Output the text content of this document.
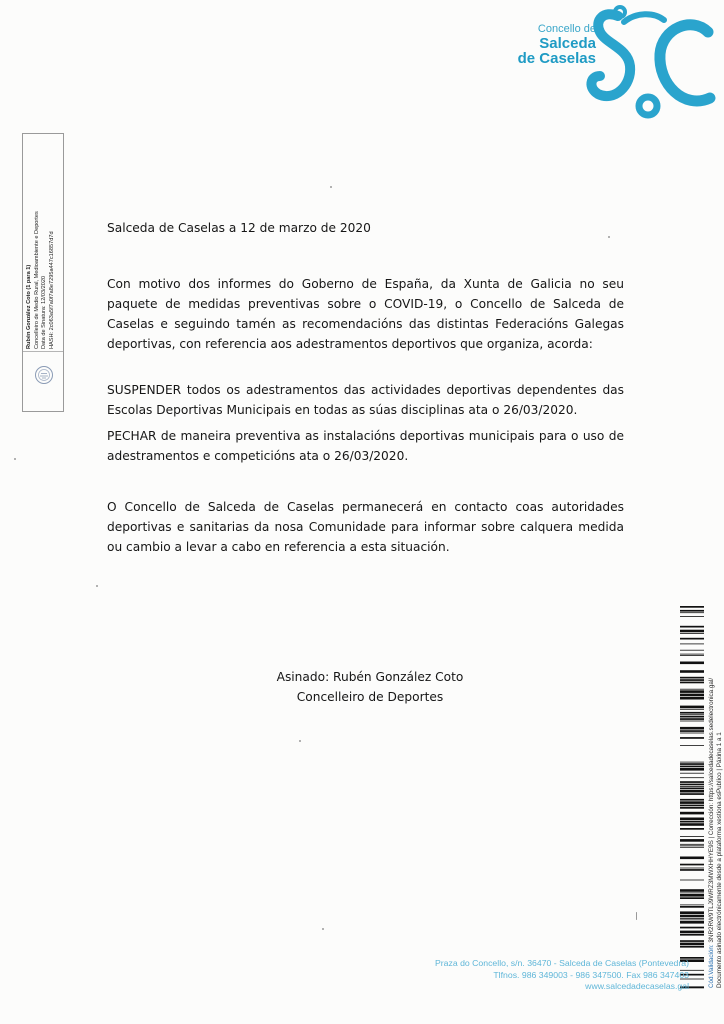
Concello de
Salceda
de Caselas
Rubén González Coto (1 para 1) Concelleiro de Medio Rural, Medioambiente e Deportes Data de Sinatura: 12/03/2020 HASH: 2c063a5f7a0f7a8e7295a447c16857d7d
Salceda de Caselas a 12 de marzo de 2020
Con motivo dos informes do Goberno de España, da Xunta de Galicia no seu paquete de medidas preventivas sobre o COVID-19, o Concello de Salceda de Caselas e seguindo tamén as recomendacións das distintas Federacións Galegas deportivas, con referencia aos adestramentos deportivos que organiza, acorda:
SUSPENDER todos os adestramentos das actividades deportivas dependentes das Escolas Deportivas Municipais en todas as súas disciplinas ata o 26/03/2020.
PECHAR de maneira preventiva as instalacións deportivas municipais para o uso de adestramentos e competicións ata o 26/03/2020.
O Concello de Salceda de Caselas permanecerá en contacto coas autoridades deportivas e sanitarias da nosa Comunidade para informar sobre calquera medida ou cambio a levar a cabo en referencia a esta situación.
Asinado: Rubén González Coto
Concelleiro de Deportes
Cód.Validación: 3NR2RW9TLJ9WRZ3MWXHHYE9S | Corrección: https://salcedadecaselas.sedelectronica.gal/ Documento asinado electrónicamente desde a plataforma xestiona esPublico | Páxina 1 a 1
Praza do Concello, s/n. 36470 - Salceda de Caselas (Pontevedra)
Tlfnos. 986 349003 - 986 347500. Fax 986 347403
www.salcedadecaselas.gal
